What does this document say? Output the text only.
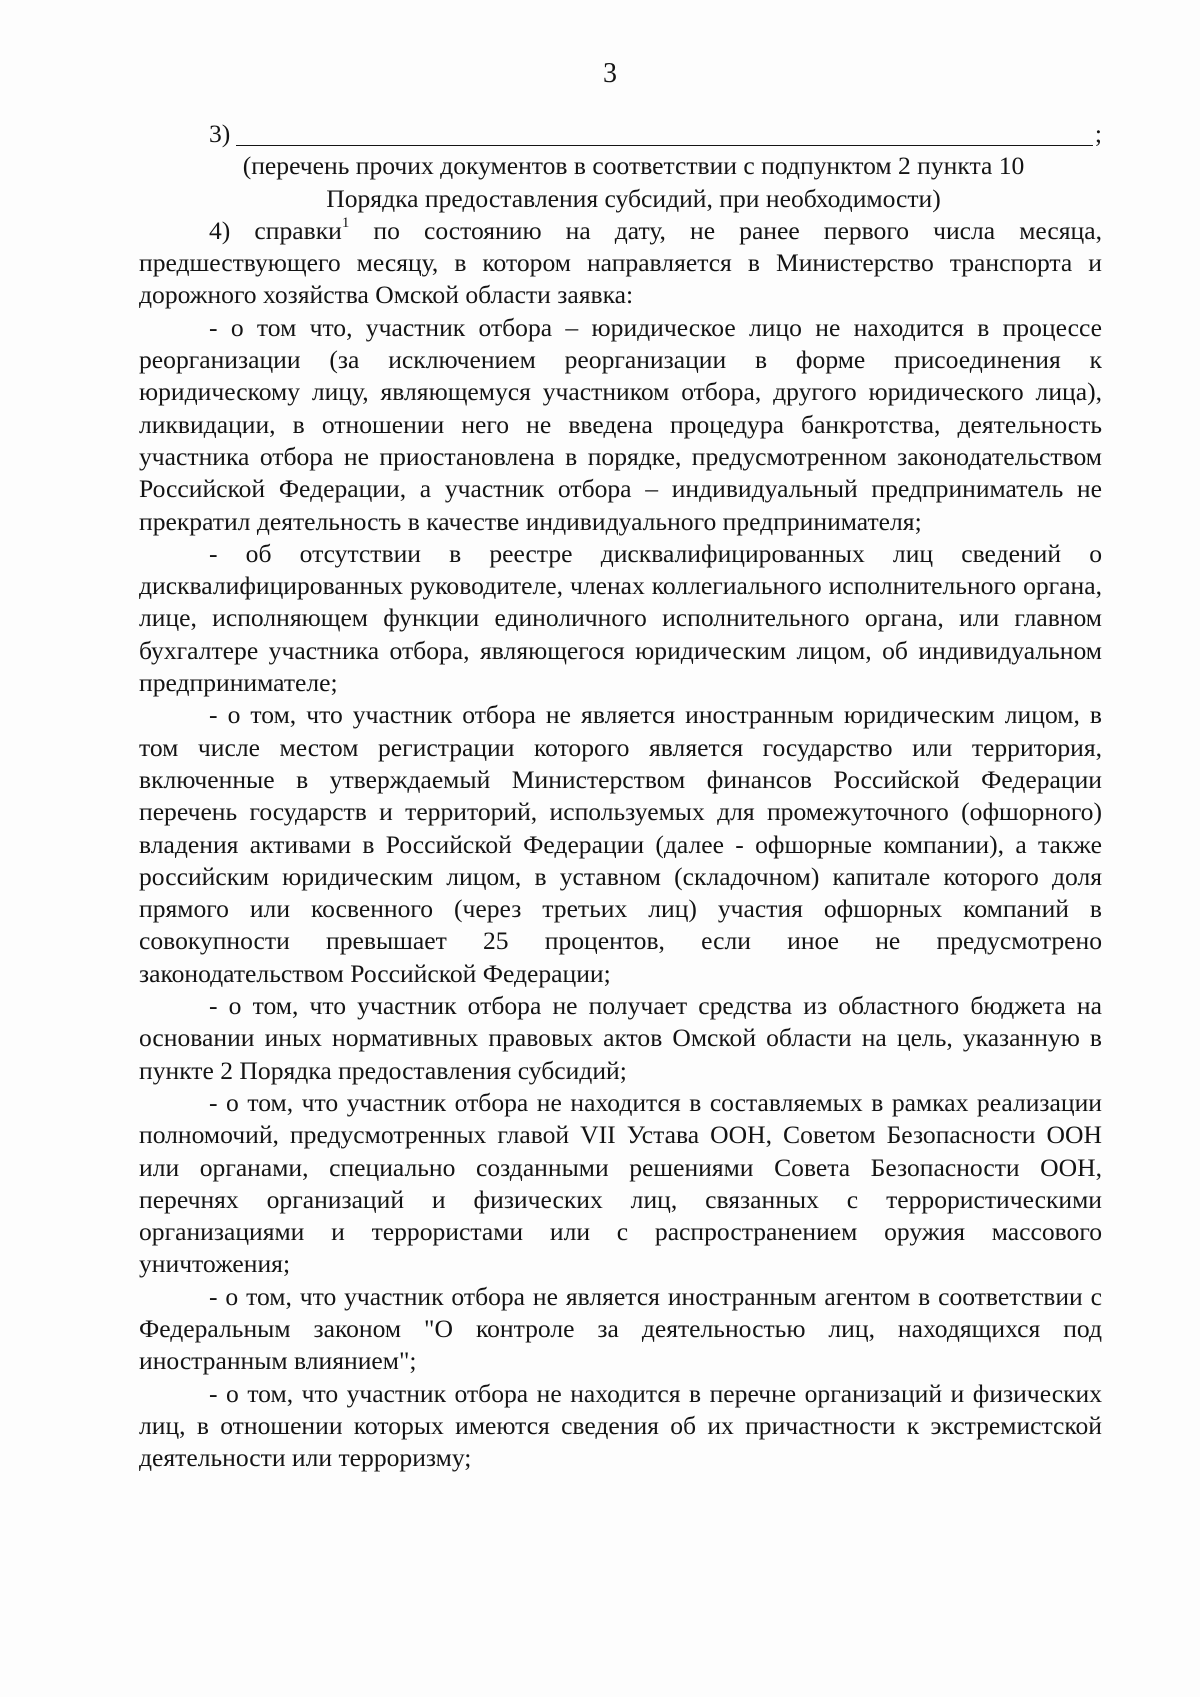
3
3)	;
(перечень прочих документов в соответствии с подпунктом 2 пункта 10
Порядка предоставления субсидий, при необходимости)
4) справки$^1$ по состоянию на дату, не ранее первого числа месяца, предшествующего месяцу, в котором направляется в Министерство транспорта и дорожного хозяйства Омской области заявка:
- о том что, участник отбора – юридическое лицо не находится в процессе реорганизации (за исключением реорганизации в форме присоединения к юридическому лицу, являющемуся участником отбора, другого юридического лица), ликвидации, в отношении него не введена процедура банкротства, деятельность участника отбора не приостановлена в порядке, предусмотренном законодательством Российской Федерации, а участник отбора – индивидуальный предприниматель не прекратил деятельность в качестве индивидуального предпринимателя;
- об отсутствии в реестре дисквалифицированных лиц сведений о дисквалифицированных руководителе, членах коллегиального исполнительного органа, лице, исполняющем функции единоличного исполнительного органа, или главном бухгалтере участника отбора, являющегося юридическим лицом, об индивидуальном предпринимателе;
- о том, что участник отбора не является иностранным юридическим лицом, в том числе местом регистрации которого является государство или территория, включенные в утверждаемый Министерством финансов Российской Федерации перечень государств и территорий, используемых для промежуточного (офшорного) владения активами в Российской Федерации (далее - офшорные компании), а также российским юридическим лицом, в уставном (складочном) капитале которого доля прямого или косвенного (через третьих лиц) участия офшорных компаний в совокупности превышает 25 процентов, если иное не предусмотрено законодательством Российской Федерации;
- о том, что участник отбора не получает средства из областного бюджета на основании иных нормативных правовых актов Омской области на цель, указанную в пункте 2 Порядка предоставления субсидий;
- о том, что участник отбора не находится в составляемых в рамках реализации полномочий, предусмотренных главой VII Устава ООН, Советом Безопасности ООН или органами, специально созданными решениями Совета Безопасности ООН, перечнях организаций и физических лиц, связанных с террористическими организациями и террористами или с распространением оружия массового уничтожения;
- о том, что участник отбора не является иностранным агентом в соответствии с Федеральным законом "О контроле за деятельностью лиц, находящихся под иностранным влиянием";
- о том, что участник отбора не находится в перечне организаций и физических лиц, в отношении которых имеются сведения об их причастности к экстремистской деятельности или терроризму;
